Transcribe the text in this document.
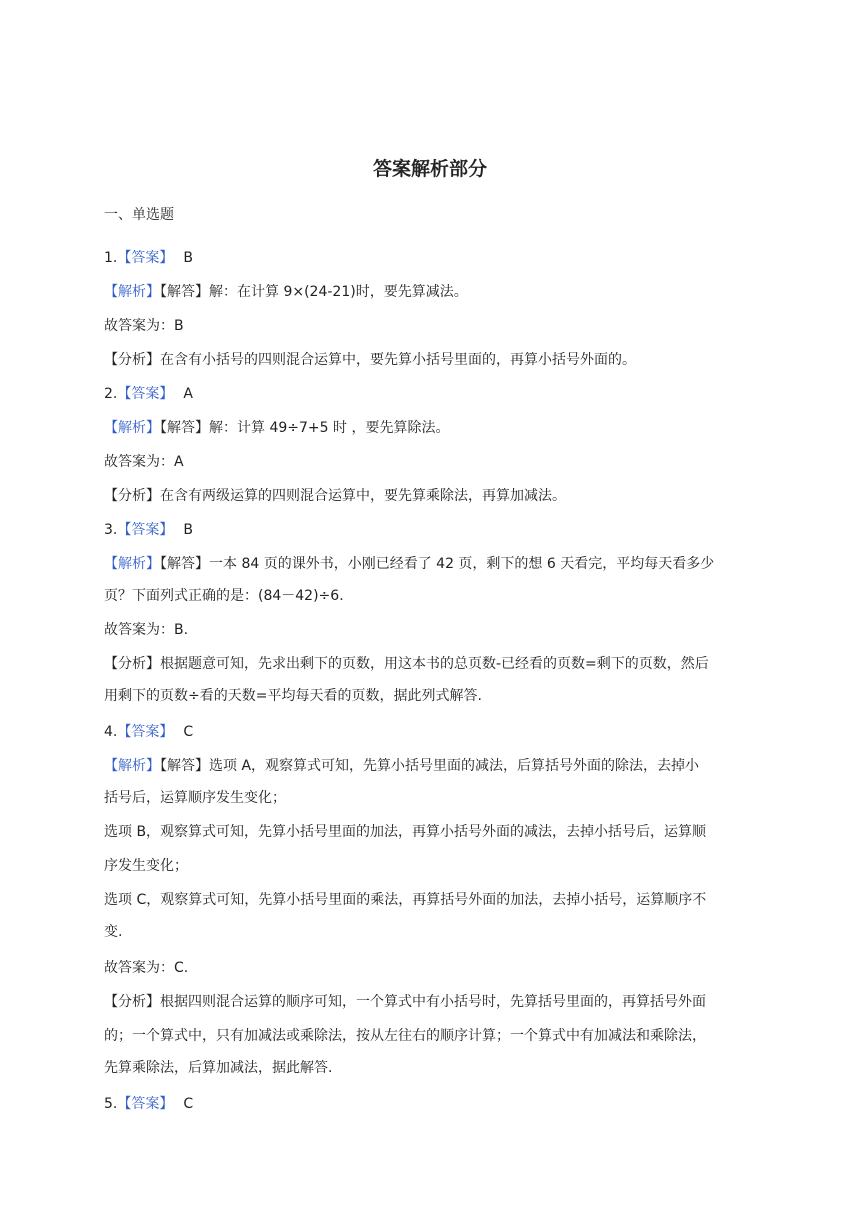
答案解析部分
一、单选题
1.【答案】 B
【解析】【解答】解：在计算 9×(24-21)时，要先算减法。
故答案为：B
【分析】在含有小括号的四则混合运算中，要先算小括号里面的，再算小括号外面的。
2.【答案】 A
【解析】【解答】解：计算 49÷7+5 时 ，要先算除法。
故答案为：A
【分析】在含有两级运算的四则混合运算中，要先算乘除法，再算加减法。
3.【答案】 B
【解析】【解答】一本 84 页的课外书，小刚已经看了 42 页，剩下的想 6 天看完，平均每天看多少
页？下面列式正确的是：(84－42)÷6.
故答案为：B.
【分析】根据题意可知，先求出剩下的页数，用这本书的总页数-已经看的页数=剩下的页数，然后
用剩下的页数÷看的天数=平均每天看的页数，据此列式解答.
4.【答案】 C
【解析】【解答】选项 A，观察算式可知，先算小括号里面的减法，后算括号外面的除法，去掉小
括号后，运算顺序发生变化；
选项 B，观察算式可知，先算小括号里面的加法，再算小括号外面的减法，去掉小括号后，运算顺
序发生变化；
选项 C，观察算式可知，先算小括号里面的乘法，再算括号外面的加法，去掉小括号，运算顺序不
变.
故答案为：C.
【分析】根据四则混合运算的顺序可知，一个算式中有小括号时，先算括号里面的，再算括号外面
的；一个算式中，只有加减法或乘除法，按从左往右的顺序计算；一个算式中有加减法和乘除法，
先算乘除法，后算加减法，据此解答.
5.【答案】 C
